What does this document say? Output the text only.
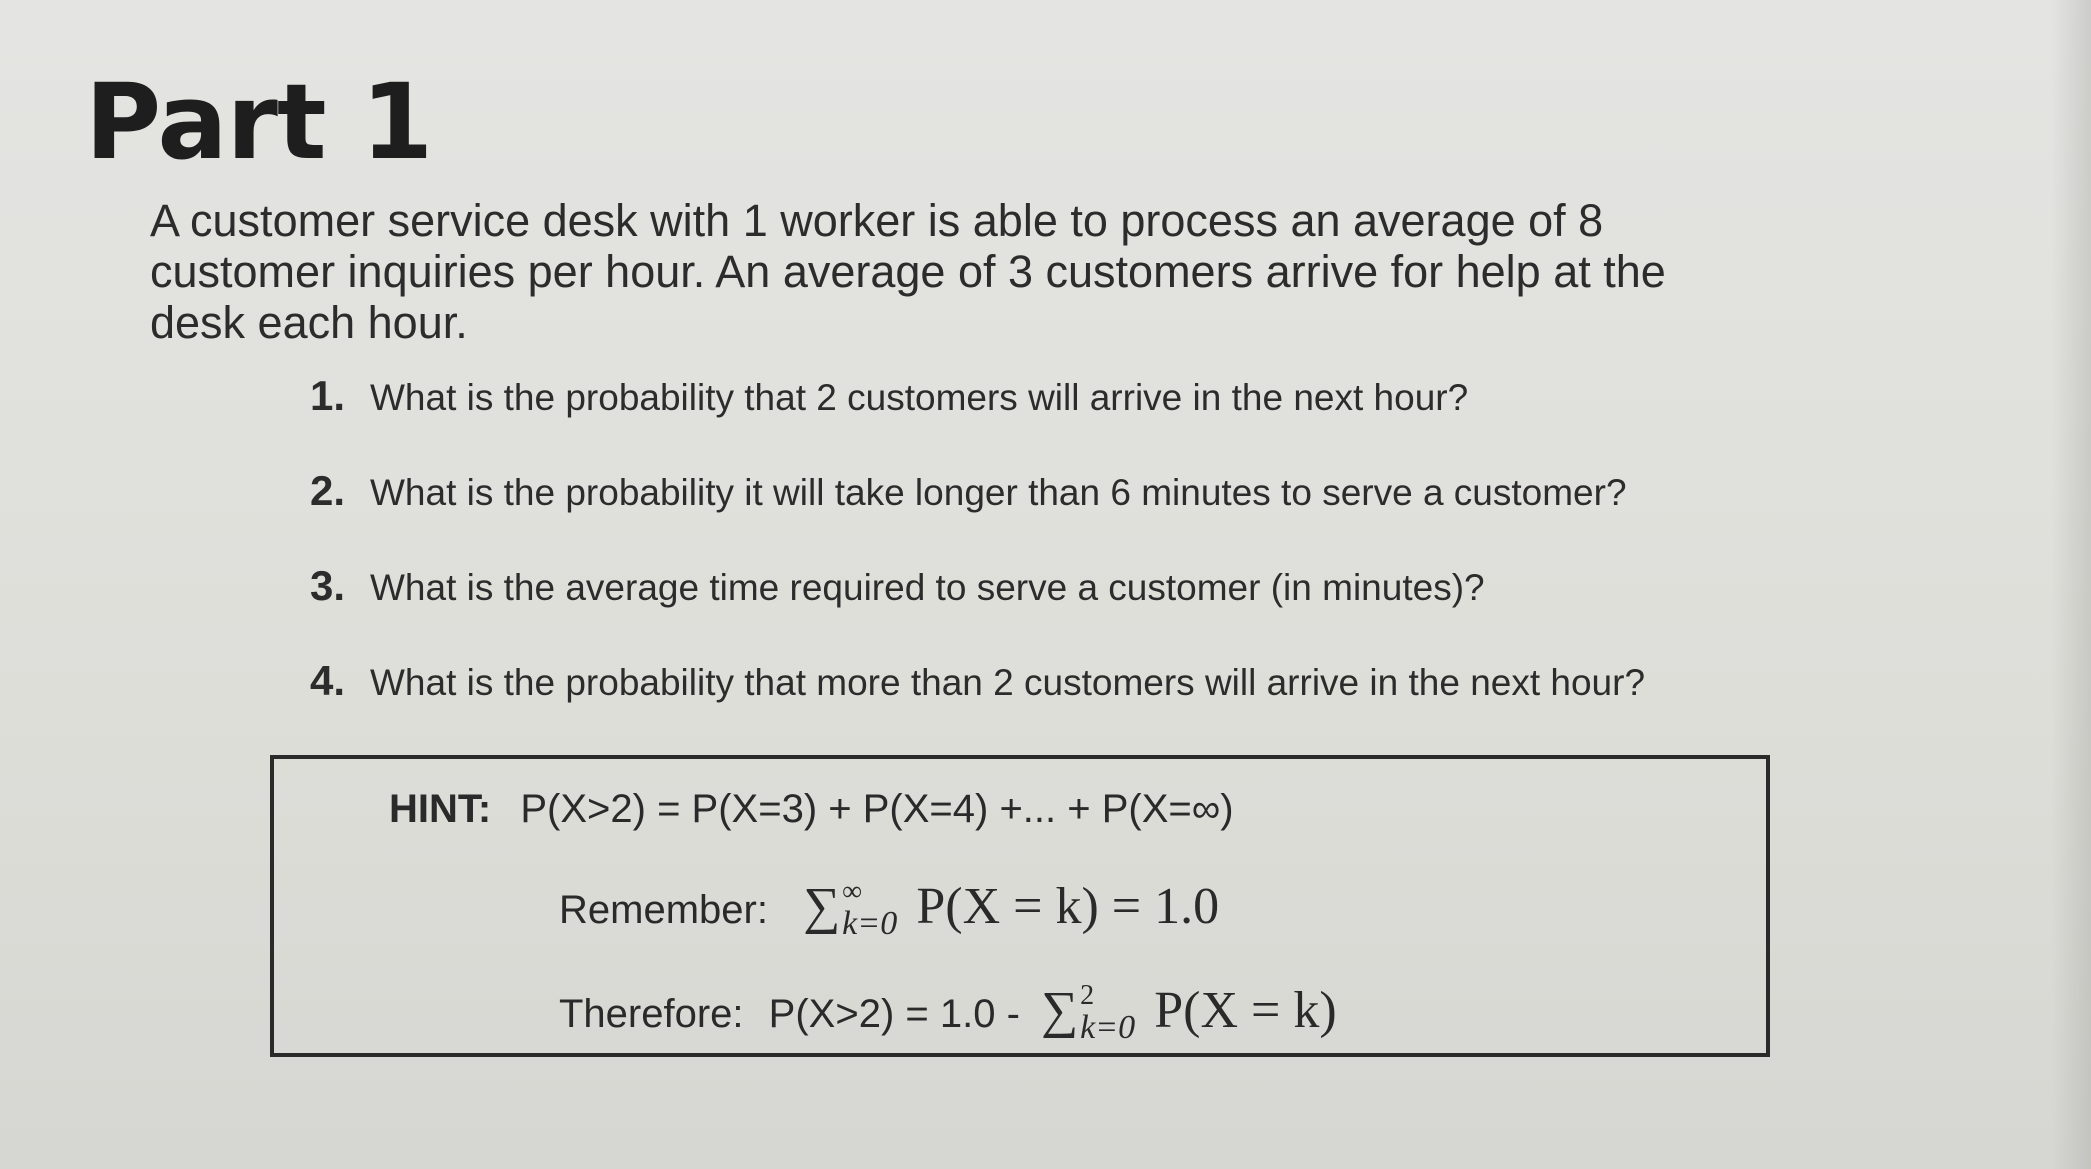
Part 1

A customer service desk with 1 worker is able to process an average of 8 customer inquiries per hour. An average of 3 customers arrive for help at the desk each hour.

1. What is the probability that 2 customers will arrive in the next hour?
2. What is the probability it will take longer than 6 minutes to serve a customer?
3. What is the average time required to serve a customer (in minutes)?
4. What is the probability that more than 2 customers will arrive in the next hour?
HINT: P(X>2) = P(X=3) + P(X=4) +... + P(X=∞)
Remember: ∑ ∞
k=0 P(X = k) = 1.0
Therefore: P(X>2) = 1.0 - ∑ 2
k=0 P(X = k)
